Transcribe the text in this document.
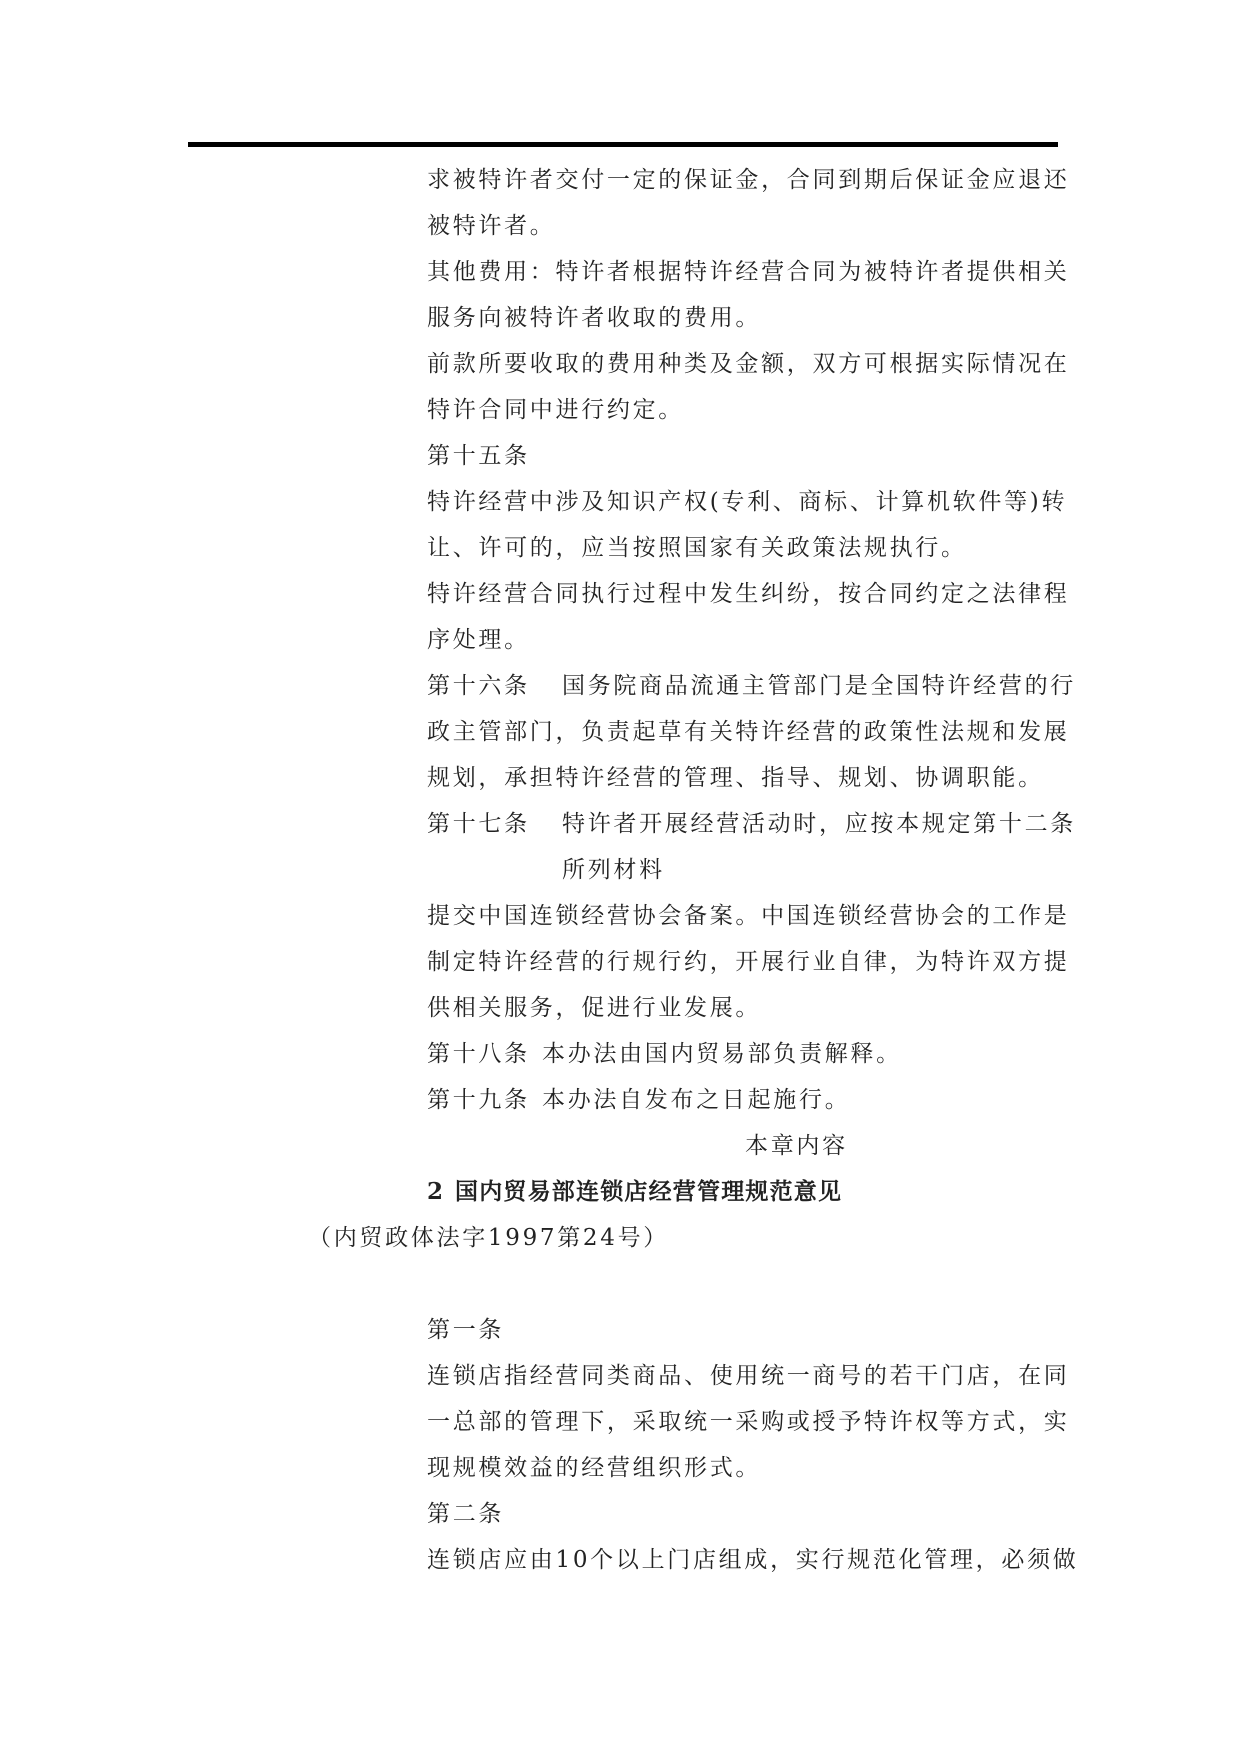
求被特许者交付一定的保证金，合同到期后保证金应退还
被特许者。
其他费用：特许者根据特许经营合同为被特许者提供相关
服务向被特许者收取的费用。
前款所要收取的费用种类及金额，双方可根据实际情况在
特许合同中进行约定。
第十五条
特许经营中涉及知识产权(专利、商标、计算机软件等)转
让、许可的，应当按照国家有关政策法规执行。
特许经营合同执行过程中发生纠纷，按合同约定之法律程
序处理。
第十六条 国务院商品流通主管部门是全国特许经营的行
政主管部门，负责起草有关特许经营的政策性法规和发展
规划，承担特许经营的管理、指导、规划、协调职能。
第十七条 特许者开展经营活动时，应按本规定第十二条
所列材料
提交中国连锁经营协会备案。中国连锁经营协会的工作是
制定特许经营的行规行约，开展行业自律，为特许双方提
供相关服务，促进行业发展。
第十八条 本办法由国内贸易部负责解释。
第十九条 本办法自发布之日起施行。
本章内容
2 国内贸易部连锁店经营管理规范意见
（内贸政体法字1997第24号）
第一条
连锁店指经营同类商品、使用统一商号的若干门店，在同
一总部的管理下，采取统一采购或授予特许权等方式，实
现规模效益的经营组织形式。
第二条
连锁店应由10个以上门店组成，实行规范化管理，必须做
